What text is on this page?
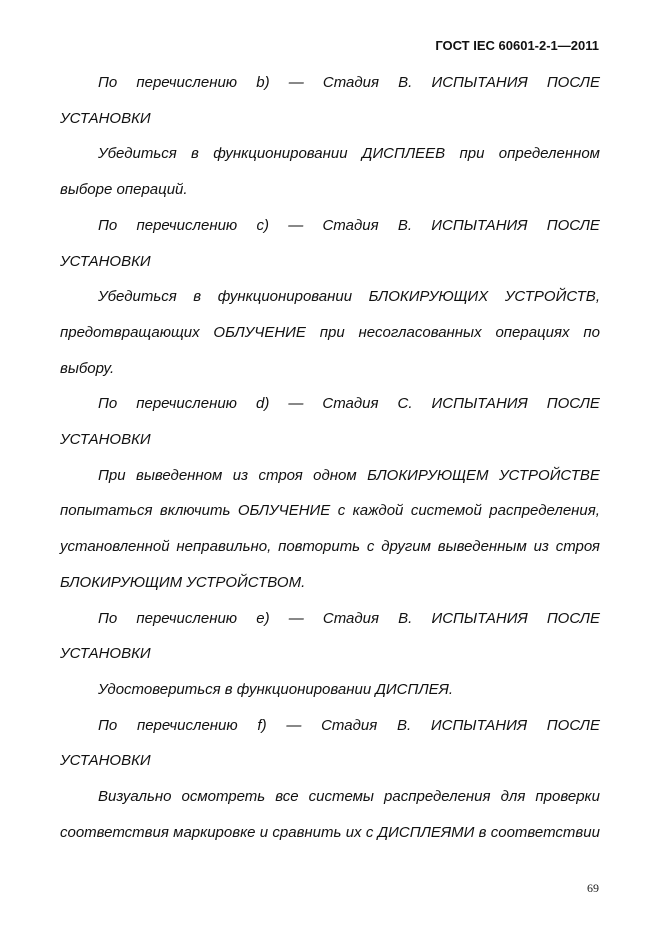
ГОСТ IEC 60601-2-1—2011
По перечислению b) — Стадия В. ИСПЫТАНИЯ ПОСЛЕ
УСТАНОВКИ
Убедиться в функционировании ДИСПЛЕЕВ при определенном
выборе операций.
По перечислению с) — Стадия В. ИСПЫТАНИЯ ПОСЛЕ
УСТАНОВКИ
Убедиться в функционировании БЛОКИРУЮЩИХ УСТРОЙСТВ,
предотвращающих ОБЛУЧЕНИЕ при несогласованных операциях по
выбору.
По перечислению d) — Стадия С. ИСПЫТАНИЯ ПОСЛЕ
УСТАНОВКИ
При выведенном из строя одном БЛОКИРУЮЩЕМ УСТРОЙСТВЕ
попытаться включить ОБЛУЧЕНИЕ с каждой системой распределения,
установленной неправильно, повторить с другим выведенным из строя
БЛОКИРУЮЩИМ УСТРОЙСТВОМ.
По перечислению е) — Стадия В. ИСПЫТАНИЯ ПОСЛЕ
УСТАНОВКИ
Удостовериться в функционировании ДИСПЛЕЯ.
По перечислению f) — Стадия В. ИСПЫТАНИЯ ПОСЛЕ
УСТАНОВКИ
Визуально осмотреть все системы распределения для проверки
соответствия маркировке и сравнить их с ДИСПЛЕЯМИ в соответствии
69
